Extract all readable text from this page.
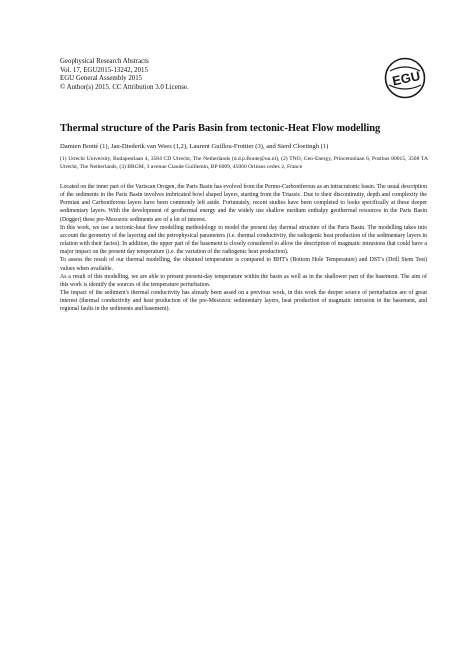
Geophysical Research Abstracts
Vol. 17, EGU2015-13242, 2015
EGU General Assembly 2015
© Author(s) 2015. CC Attribution 3.0 License.	EGU
Thermal structure of the Paris Basin from tectonic-Heat Flow modelling
Damien Bonté (1), Jan-Diederik van Wees (1,2), Laurent Guillou-Frottier (3), and Sierd Cloetingh (1)
(1) Utrecht University, Budapestlaan 4, 3584 CD Utrecht, The Netherlands (d.d.p.Bonte@uu.nl), (2) TNO, Geo-Energy, Princetonlaan 6, Postbus 80015, 3508 TA Utrecht, The Netherlands, (3) BRGM, 3 avenue Claude Guillemin, BP 6009, 45060 Orléans cedex 2, France

Located on the inner part of the Variscan Orogen, the Paris Basin has evolved from the Permo-Carboniferous as an intracratonic basin. The usual description of the sediments in the Paris Basin involves imbricated bowl shaped layers, starting from the Triassic. Due to their discontinuity, depth and complexity the Permian and Carboniferous layers have been commonly left aside. Fortunately, recent studies have been completed to looks specifically at these deeper sedimentary layers. With the development of geothermal energy and the widely use shallow medium enthalpy geothermal resources in the Paris Basin (Dogger) these pre-Mesozoic sediments are of a lot of interest.

In this work, we use a tectonic-heat flow modelling methodology to model the present day thermal structure of the Paris Basin. The modelling takes into account the geometry of the layering and the petrophysical parameters (i.e. thermal conductivity, the radiogenic heat production of the sedimentary layers in relation with their facies). In addition, the upper part of the basement is closely considered to allow the description of magmatic intrusions that could have a major impact on the present day temperature (i.e. the variation of the radiogenic heat production).

To assess the result of our thermal modelling, the obtained temperature is compared to BHT's (Bottom Hole Temperature) and DST's (Drill Stem Test) values when available.

As a result of this modelling, we are able to present present-day temperature within the basin as well as in the shallower part of the basement. The aim of this work is identify the sources of the temperature perturbation.

The impact of the sediment's thermal conductivity has already been assed on a previous work, in this work the deeper source of perturbation are of great interest (thermal conductivity and heat production of the pre-Mesozoic sedimentary layers, heat production of magmatic intrusion in the basement, and regional faults in the sediments and basement).
